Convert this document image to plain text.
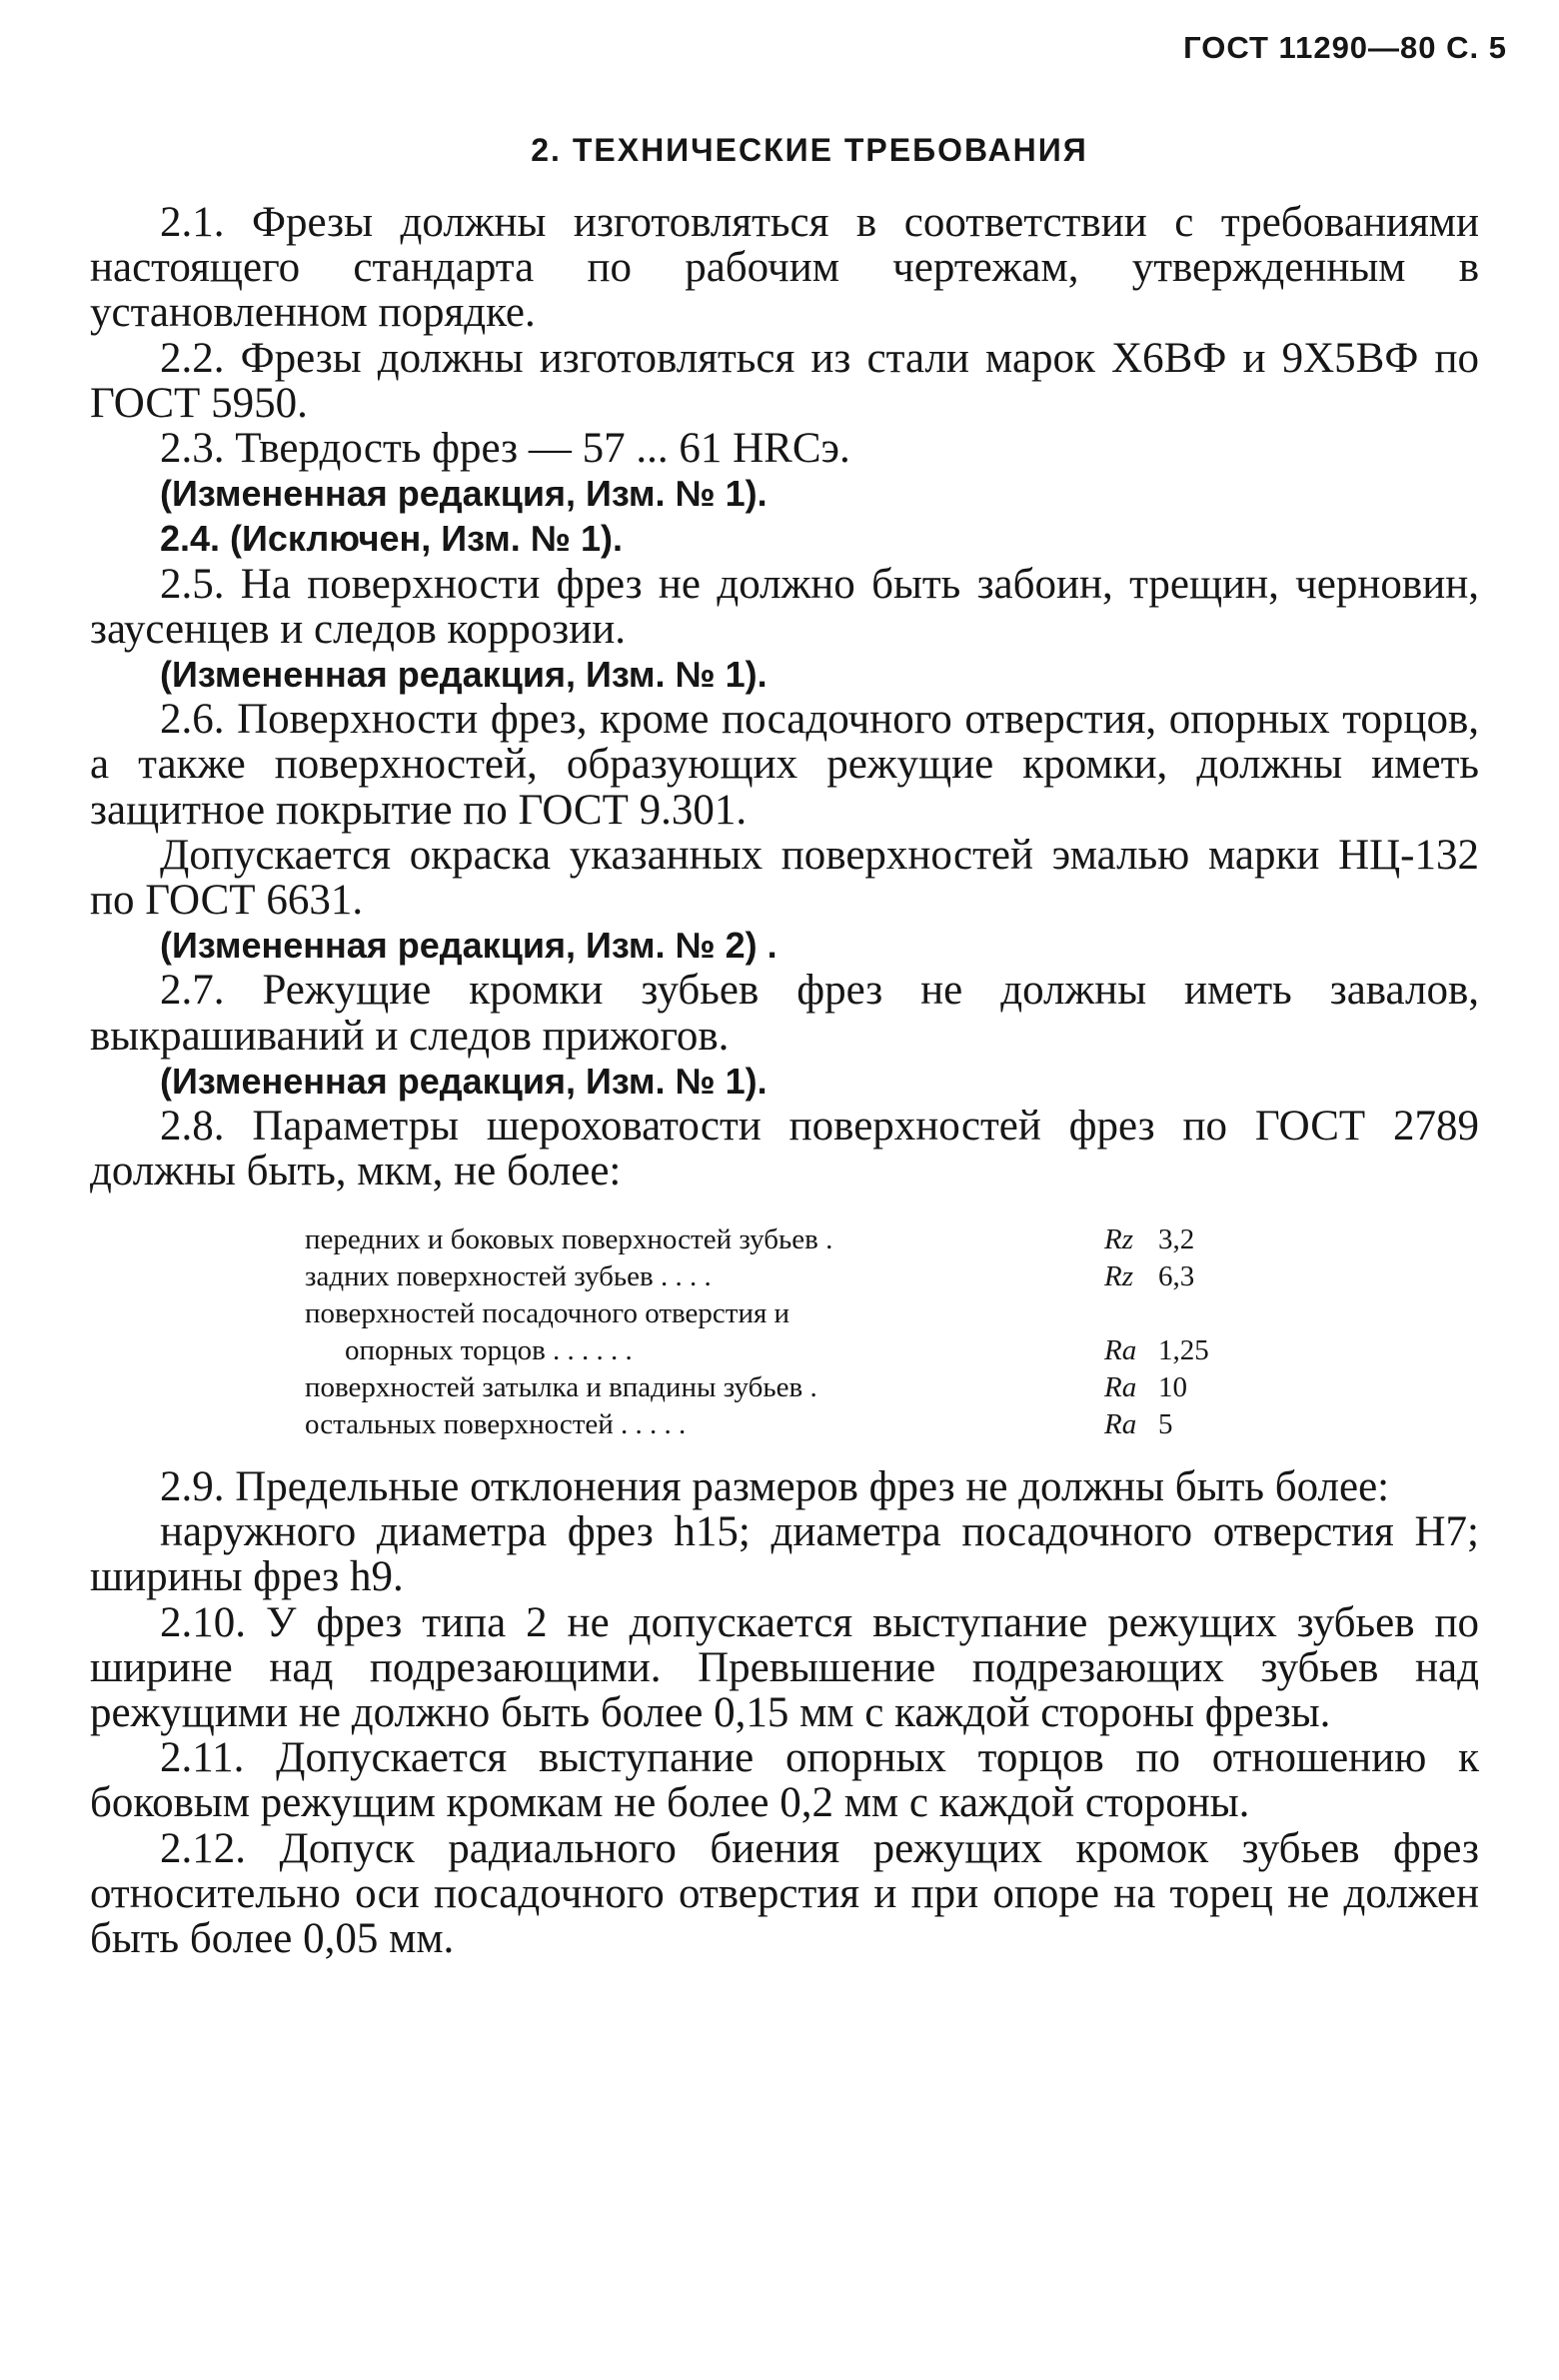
ГОСТ 11290—80 С. 5
2. ТЕХНИЧЕСКИЕ ТРЕБОВАНИЯ

2.1. Фрезы должны изготовляться в соответствии с требованиями настоящего стандарта по рабочим чертежам, утвержденным в установленном порядке.

2.2. Фрезы должны изготовляться из стали марок Х6ВФ и 9Х5ВФ по ГОСТ 5950.

2.3. Твердость фрез — 57 ... 61 HRCэ.

(Измененная редакция, Изм. № 1).

2.4. (Исключен, Изм. № 1).

2.5. На поверхности фрез не должно быть забоин, трещин, черновин, заусенцев и следов коррозии.

(Измененная редакция, Изм. № 1).

2.6. Поверхности фрез, кроме посадочного отверстия, опорных торцов, а также поверхностей, образующих режущие кромки, должны иметь защитное покрытие по ГОСТ 9.301.

Допускается окраска указанных поверхностей эмалью марки НЦ-132 по ГОСТ 6631.

(Измененная редакция, Изм. № 2) .

2.7. Режущие кромки зубьев фрез не должны иметь завалов, выкрашиваний и следов прижогов.

(Измененная редакция, Изм. № 1).

2.8. Параметры шероховатости поверхностей фрез по ГОСТ 2789 должны быть, мкм, не более:

передних и боковых поверхностей зубьев .	Rz	3,2
задних поверхностей зубьев . . . .	Rz	6,3
поверхностей посадочного отверстия и		
опорных торцов . . . . . .	Ra	1,25
поверхностей затылка и впадины зубьев .	Ra	10
остальных поверхностей . . . . .	Ra	5

2.9. Предельные отклонения размеров фрез не должны быть более:

наружного диаметра фрез h15; диаметра посадочного отверстия Н7; ширины фрез h9.

2.10. У фрез типа 2 не допускается выступание режущих зубьев по ширине над подрезающими. Превышение подрезающих зубьев над режущими не должно быть более 0,15 мм с каждой стороны фрезы.

2.11. Допускается выступание опорных торцов по отношению к боковым режущим кромкам не более 0,2 мм с каждой стороны.

2.12. Допуск радиального биения режущих кромок зубьев фрез относительно оси посадочного отверстия и при опоре на торец не должен быть более 0,05 мм.
